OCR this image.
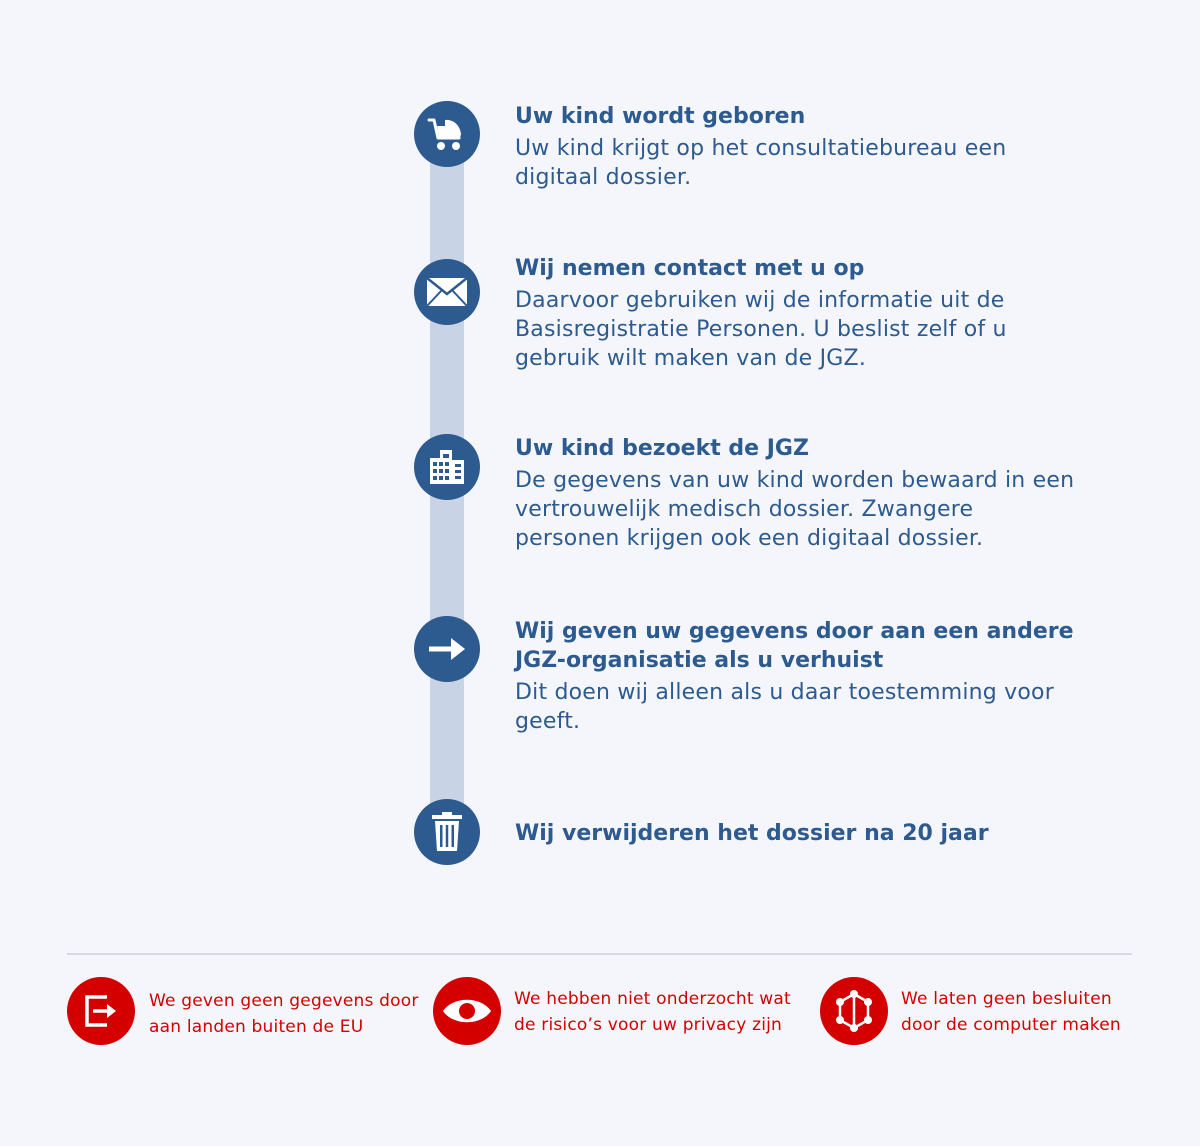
Uw kind wordt geboren

Uw kind krijgt op het consultatiebureau een digitaal dossier.

Wij nemen contact met u op

Daarvoor gebruiken wij de informatie uit de Basisregistratie Personen. U beslist zelf of u gebruik wilt maken van de JGZ.

Uw kind bezoekt de JGZ

De gegevens van uw kind worden bewaard in een vertrouwelijk medisch dossier. Zwangere personen krijgen ook een digitaal dossier.

Wij geven uw gegevens door aan een andere JGZ-organisatie als u verhuist

Dit doen wij alleen als u daar toestemming voor geeft.

Wij verwijderen het dossier na 20 jaar

We geven geen gegevens door aan landen buiten de EU
We hebben niet onderzocht wat de risico’s voor uw privacy zijn
We laten geen besluiten door de computer maken
